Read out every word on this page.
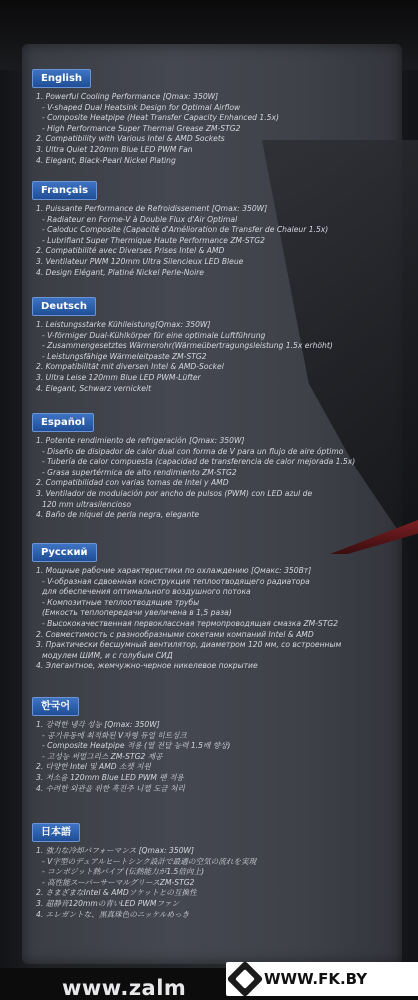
English
1. Powerful Cooling Performance [Qmax: 350W]
- V-shaped Dual Heatsink Design for Optimal Airflow
- Composite Heatpipe (Heat Transfer Capacity Enhanced 1.5x)
- High Performance Super Thermal Grease ZM-STG2
2. Compatibility with Various Intel & AMD Sockets
3. Ultra Quiet 120mm Blue LED PWM Fan
4. Elegant, Black-Pearl Nickel Plating
Français
1. Puissante Performance de Refroidissement [Qmax: 350W]
- Radiateur en Forme-V à Double Flux d'Air Optimal
- Caloduc Composite (Capacité d'Amélioration de Transfer de Chaleur 1.5x)
- Lubrifiant Super Thermique Haute Performance ZM-STG2
2. Compatibilité avec Diverses Prises Intel & AMD
3. Ventilateur PWM 120mm Ultra Silencieux LED Bleue
4. Design Elégant, Platiné Nickel Perle-Noire
Deutsch
1. Leistungsstarke Kühlleistung[Qmax: 350W]
- V-förmiger Dual-Kühlkörper für eine optimale Luftführung
- Zusammengesetztes Wärmerohr(Wärmeübertragungsleistung 1.5x erhöht)
- Leistungsfähige Wärmeleitpaste ZM-STG2
2. Kompatibilität mit diversen Intel & AMD-Sockel
3. Ultra Leise 120mm Blue LED PWM-Lüfter
4. Elegant, Schwarz vernickelt
Español
1. Potente rendimiento de refrigeración [Qmax: 350W]
- Diseño de disipador de calor dual con forma de V para un flujo de aire óptimo
- Tubería de calor compuesta (capacidad de transferencia de calor mejorada 1.5x)
- Grasa supertérmica de alto rendimiento ZM-STG2
2. Compatibilidad con varias tomas de Intel y AMD
3. Ventilador de modulación por ancho de pulsos (PWM) con LED azul de
120 mm ultrasilencioso
4. Baño de níquel de perla negra, elegante
Русский
1. Мощные рабочие характеристики по охлаждению [Qмакс: 350Вт]
- V-образная сдвоенная конструкция теплоотводящего радиатора
для обеспечения оптимального воздушного потока
- Композитные теплоотводящие трубы
(Емкость теплопередачи увеличена в 1,5 раза)
- Высококачественная первоклассная термопроводящая смазка ZM-STG2
2. Совместимость с разнообразными сокетами компаний Intel & AMD
3. Практически бесшумный вентилятор, диаметром 120 мм, со встроенным
модулем ШИМ, и с голубым СИД
4. Элегантное, жемчужно-черное никелевое покрытие
한국어
1. 강력한 냉각 성능 [Qmax: 350W]
- 공기유동에 최적화된 V자형 듀얼 히트싱크
- Composite Heatpipe 적용 (열 전달 능력 1.5배 향상)
- 고성능 써멀그리스 ZM-STG2 제공
2. 다양한 Intel 및 AMD 소켓 지원
3. 저소음 120mm Blue LED PWM 팬 적용
4. 수려한 외관을 위한 흑진주 니켈 도금 처리
日本語
1. 強力な冷却パフォーマンス [Qmax: 350W]
- V字型のデュアルヒートシンク設計で最適の空気の流れを実現
- コンポジット熱パイプ (伝熱能力が1.5倍向上)
- 高性能スーパーサーマルグリースZM-STG2
2. さまざまなIntel & AMDソケットとの互換性
3. 超静音120mmの青いLED PWMファン
4. エレガントな、黒真珠色のニッケルめっき
www.zalm	WWW.FK.BY
